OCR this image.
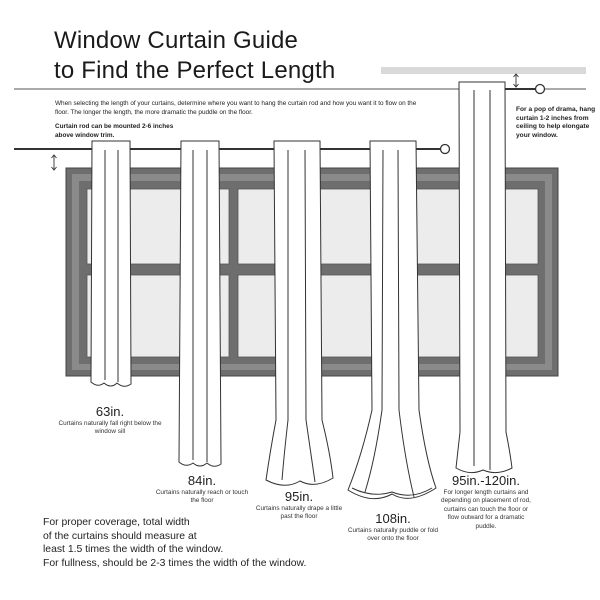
Window Curtain Guide
to Find the Perfect Length
When selecting the length of your curtains, determine where you want to hang the curtain rod and how you want it to flow on the floor. The longer the length, the more dramatic the puddle on the floor.
Curtain rod can be mounted 2-6 inches above window trim.
For a pop of drama, hang curtain 1-2 inches from ceiling to help elongate your window.
63in.
Curtains naturally fall right below the window sill
84in.
Curtains naturally reach or touch the floor	95in.
Curtains naturally drape a little past the floor	108in.
Curtains naturally puddle or fold over onto the floor
95in.-120in.
For longer length curtains and depending on placement of rod, curtains can touch the floor or flow outward for a dramatic puddle.
For proper coverage, total width
of the curtains should measure at
least 1.5 times the width of the window.
For fullness, should be 2-3 times the width of the window.
